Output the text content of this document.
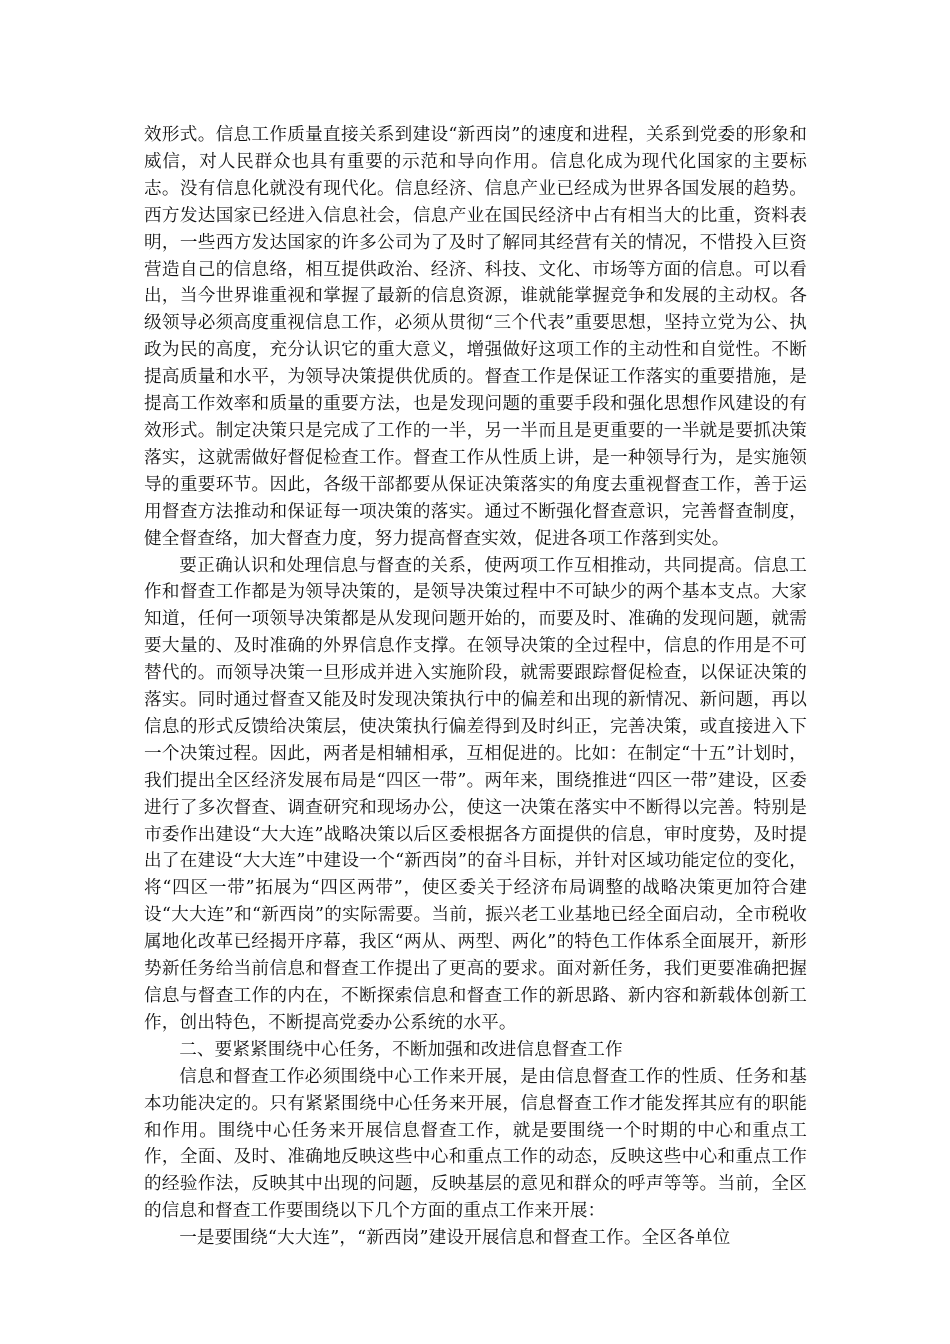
效形式。信息工作质量直接关系到建设“新西岗”的速度和进程，关系到党委的形象和威信，对人民群众也具有重要的示范和导向作用。信息化成为现代化国家的主要标志。没有信息化就没有现代化。信息经济、信息产业已经成为世界各国发展的趋势。西方发达国家已经进入信息社会，信息产业在国民经济中占有相当大的比重，资料表明，一些西方发达国家的许多公司为了及时了解同其经营有关的情况，不惜投入巨资营造自己的信息络，相互提供政治、经济、科技、文化、市场等方面的信息。可以看出，当今世界谁重视和掌握了最新的信息资源，谁就能掌握竞争和发展的主动权。各级领导必须高度重视信息工作，必须从贯彻“三个代表”重要思想，坚持立党为公、执政为民的高度，充分认识它的重大意义，增强做好这项工作的主动性和自觉性。不断提高质量和水平，为领导决策提供优质的。督查工作是保证工作落实的重要措施，是提高工作效率和质量的重要方法，也是发现问题的重要手段和强化思想作风建设的有效形式。制定决策只是完成了工作的一半，另一半而且是更重要的一半就是要抓决策落实，这就需做好督促检查工作。督查工作从性质上讲，是一种领导行为，是实施领导的重要环节。因此，各级干部都要从保证决策落实的角度去重视督查工作，善于运用督查方法推动和保证每一项决策的落实。通过不断强化督查意识，完善督查制度，健全督查络，加大督查力度，努力提高督查实效，促进各项工作落到实处。

要正确认识和处理信息与督查的关系，使两项工作互相推动，共同提高。信息工作和督查工作都是为领导决策的，是领导决策过程中不可缺少的两个基本支点。大家知道，任何一项领导决策都是从发现问题开始的，而要及时、准确的发现问题，就需要大量的、及时准确的外界信息作支撑。在领导决策的全过程中，信息的作用是不可替代的。而领导决策一旦形成并进入实施阶段，就需要跟踪督促检查，以保证决策的落实。同时通过督查又能及时发现决策执行中的偏差和出现的新情况、新问题，再以信息的形式反馈给决策层，使决策执行偏差得到及时纠正，完善决策，或直接进入下一个决策过程。因此，两者是相辅相承，互相促进的。比如：在制定“十五”计划时，我们提出全区经济发展布局是“四区一带”。两年来，围绕推进“四区一带”建设，区委进行了多次督查、调查研究和现场办公，使这一决策在落实中不断得以完善。特别是市委作出建设“大大连”战略决策以后区委根据各方面提供的信息，审时度势，及时提出了在建设“大大连”中建设一个“新西岗”的奋斗目标，并针对区域功能定位的变化，将“四区一带”拓展为“四区两带”，使区委关于经济布局调整的战略决策更加符合建设“大大连”和“新西岗”的实际需要。当前，振兴老工业基地已经全面启动，全市税收属地化改革已经揭开序幕，我区“两从、两型、两化”的特色工作体系全面展开，新形势新任务给当前信息和督查工作提出了更高的要求。面对新任务，我们更要准确把握信息与督查工作的内在，不断探索信息和督查工作的新思路、新内容和新载体创新工作，创出特色，不断提高党委办公系统的水平。

二、要紧紧围绕中心任务，不断加强和改进信息督查工作

信息和督查工作必须围绕中心工作来开展，是由信息督查工作的性质、任务和基本功能决定的。只有紧紧围绕中心任务来开展，信息督查工作才能发挥其应有的职能和作用。围绕中心任务来开展信息督查工作，就是要围绕一个时期的中心和重点工作，全面、及时、准确地反映这些中心和重点工作的动态，反映这些中心和重点工作的经验作法，反映其中出现的问题，反映基层的意见和群众的呼声等等。当前，全区的信息和督查工作要围绕以下几个方面的重点工作来开展：

一是要围绕“大大连”，“新西岗”建设开展信息和督查工作。全区各单位
